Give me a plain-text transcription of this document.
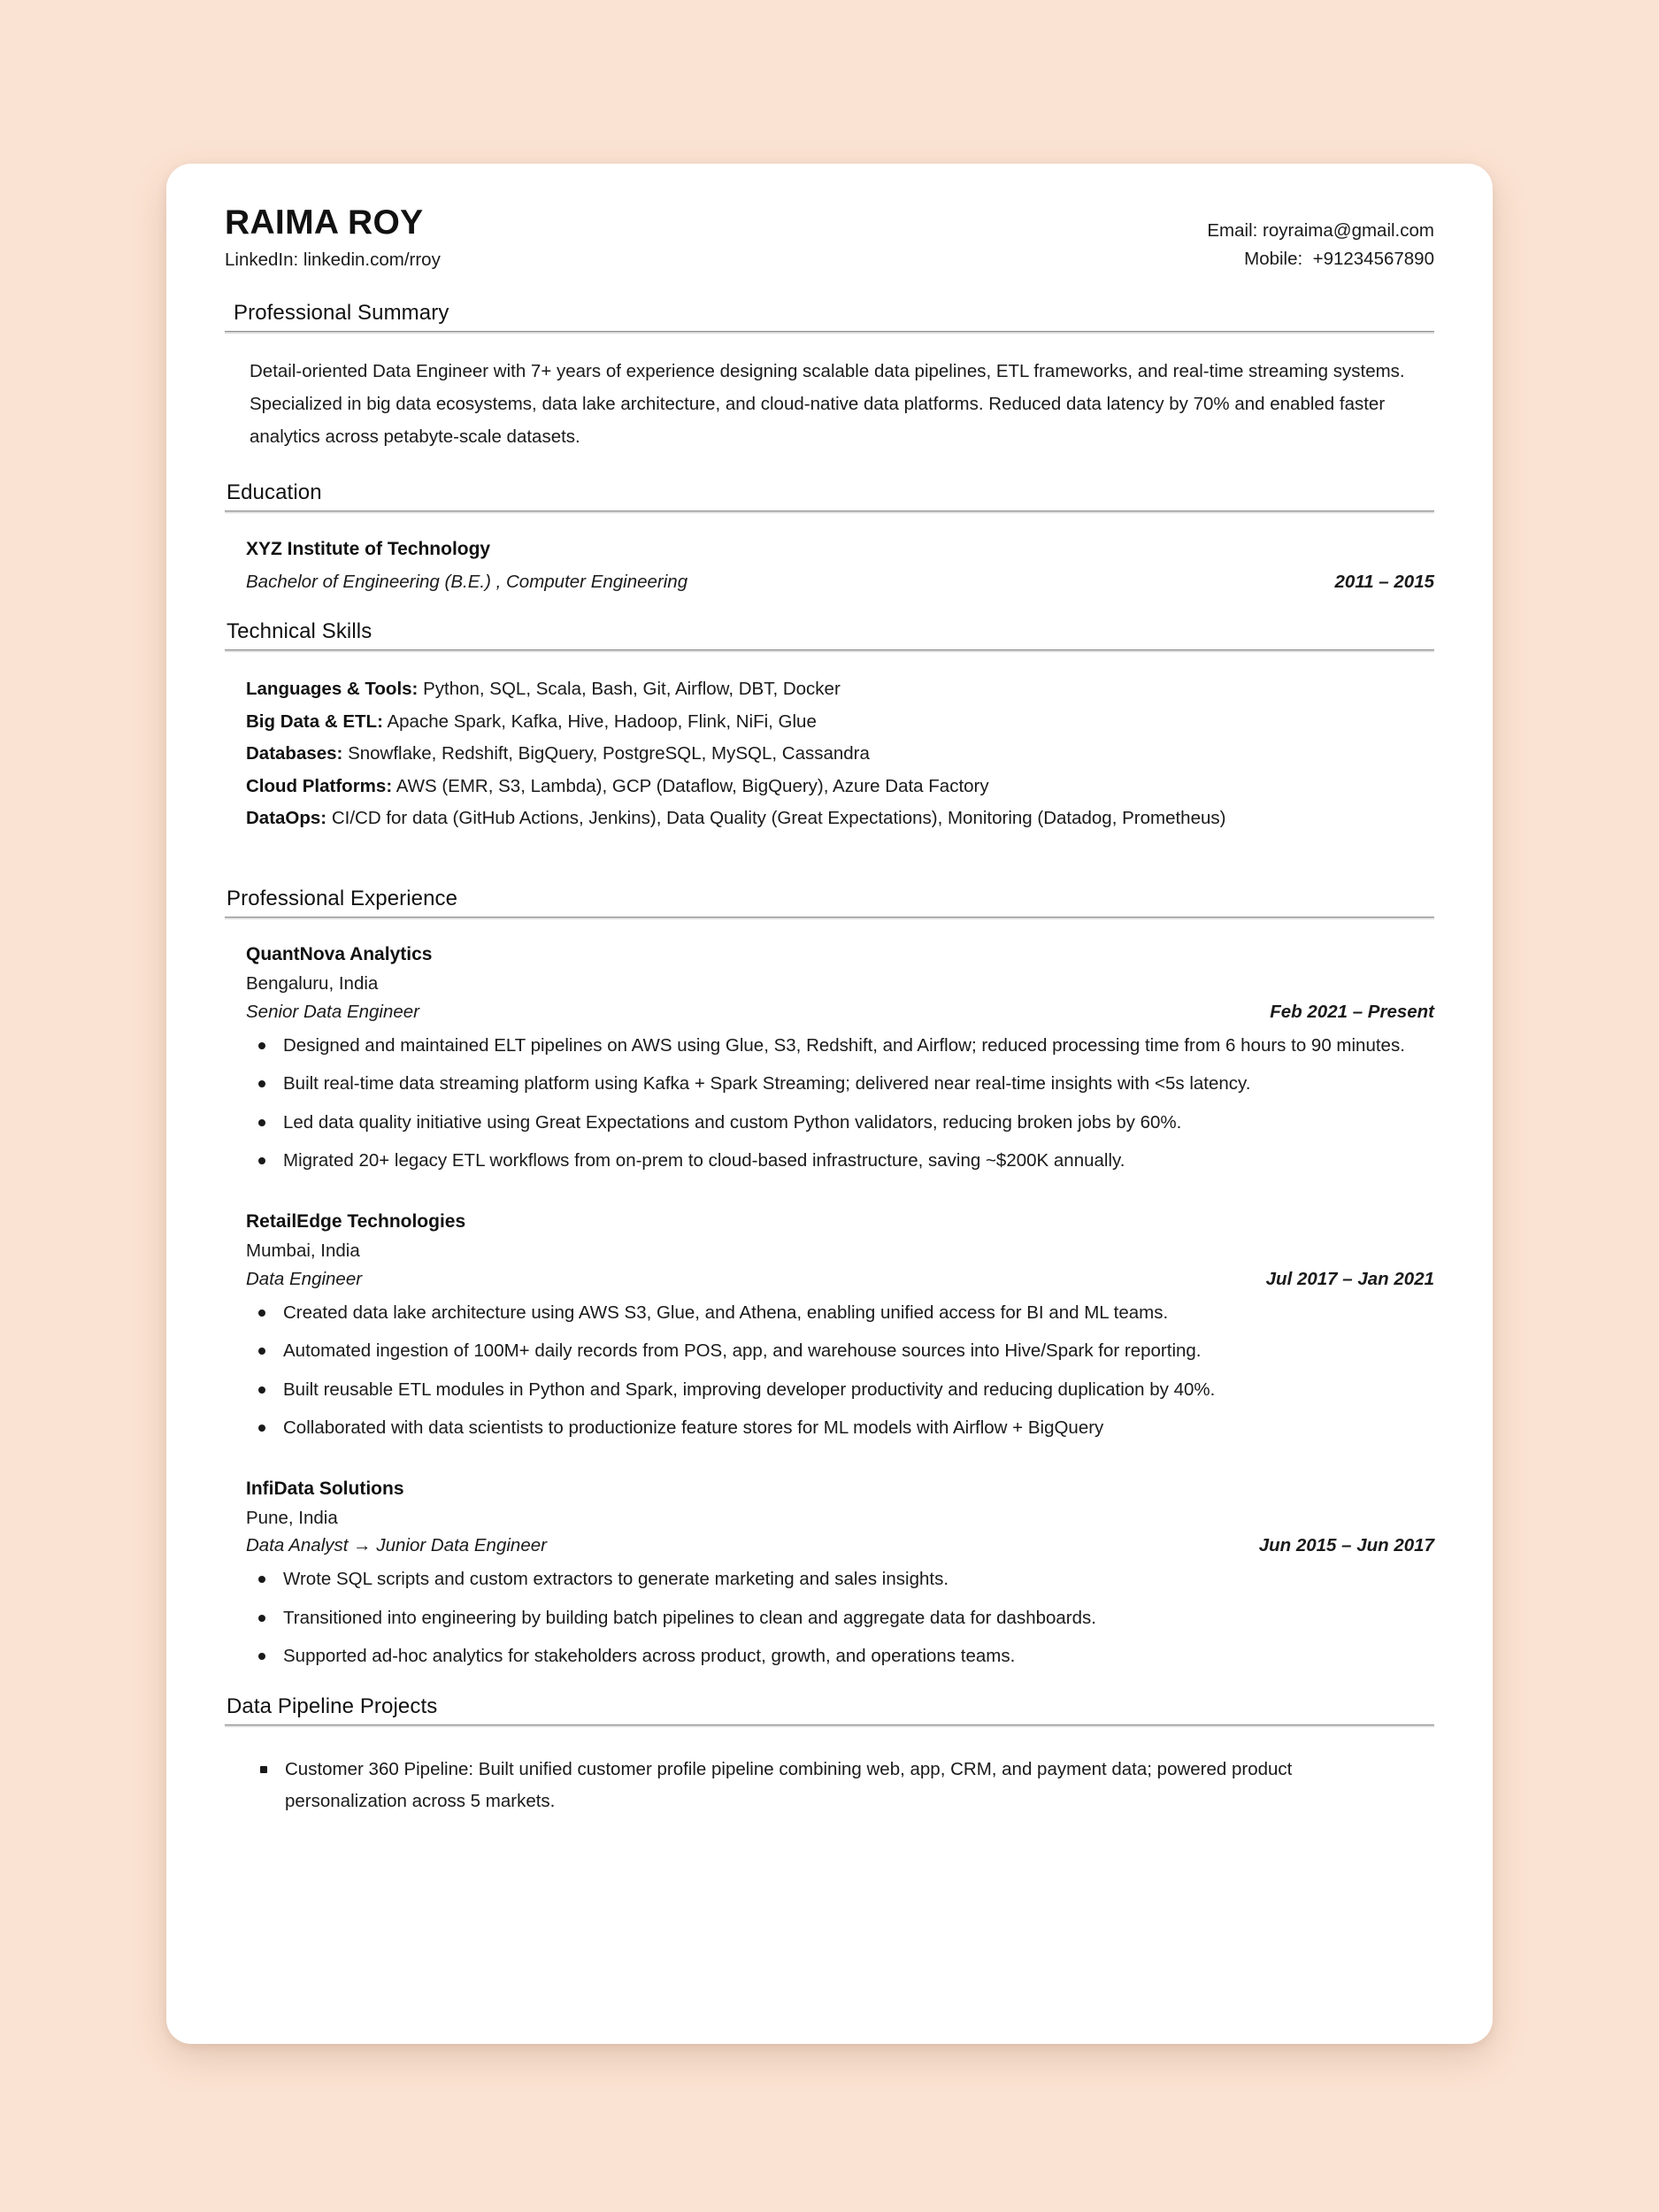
RAIMA ROY
LinkedIn: linkedin.com/rroy
Email: royraima@gmail.com
Mobile:  +91234567890
Professional Summary
Detail-oriented Data Engineer with 7+ years of experience designing scalable data pipelines, ETL frameworks, and real-time streaming systems. Specialized in big data ecosystems, data lake architecture, and cloud-native data platforms. Reduced data latency by 70% and enabled faster analytics across petabyte-scale datasets.
Education
XYZ Institute of Technology
Bachelor of Engineering (B.E.) , Computer Engineering	2011 – 2015
Technical Skills
Languages & Tools: Python, SQL, Scala, Bash, Git, Airflow, DBT, Docker
Big Data & ETL: Apache Spark, Kafka, Hive, Hadoop, Flink, NiFi, Glue
Databases: Snowflake, Redshift, BigQuery, PostgreSQL, MySQL, Cassandra
Cloud Platforms: AWS (EMR, S3, Lambda), GCP (Dataflow, BigQuery), Azure Data Factory
DataOps: CI/CD for data (GitHub Actions, Jenkins), Data Quality (Great Expectations), Monitoring (Datadog, Prometheus)
Professional Experience
QuantNova Analytics
Bengaluru, India
Senior Data Engineer	Feb 2021 – Present
Designed and maintained ELT pipelines on AWS using Glue, S3, Redshift, and Airflow; reduced processing time from 6 hours to 90 minutes.
Built real-time data streaming platform using Kafka + Spark Streaming; delivered near real-time insights with <5s latency.
Led data quality initiative using Great Expectations and custom Python validators, reducing broken jobs by 60%.
Migrated 20+ legacy ETL workflows from on-prem to cloud-based infrastructure, saving ~$200K annually.
RetailEdge Technologies
Mumbai, India
Data Engineer	Jul 2017 – Jan 2021
Created data lake architecture using AWS S3, Glue, and Athena, enabling unified access for BI and ML teams.
Automated ingestion of 100M+ daily records from POS, app, and warehouse sources into Hive/Spark for reporting.
Built reusable ETL modules in Python and Spark, improving developer productivity and reducing duplication by 40%.
Collaborated with data scientists to productionize feature stores for ML models with Airflow + BigQuery
InfiData Solutions
Pune, India
Data Analyst → Junior Data Engineer	Jun 2015 – Jun 2017
Wrote SQL scripts and custom extractors to generate marketing and sales insights.
Transitioned into engineering by building batch pipelines to clean and aggregate data for dashboards.
Supported ad-hoc analytics for stakeholders across product, growth, and operations teams.
Data Pipeline Projects
Customer 360 Pipeline: Built unified customer profile pipeline combining web, app, CRM, and payment data; powered product personalization across 5 markets.
